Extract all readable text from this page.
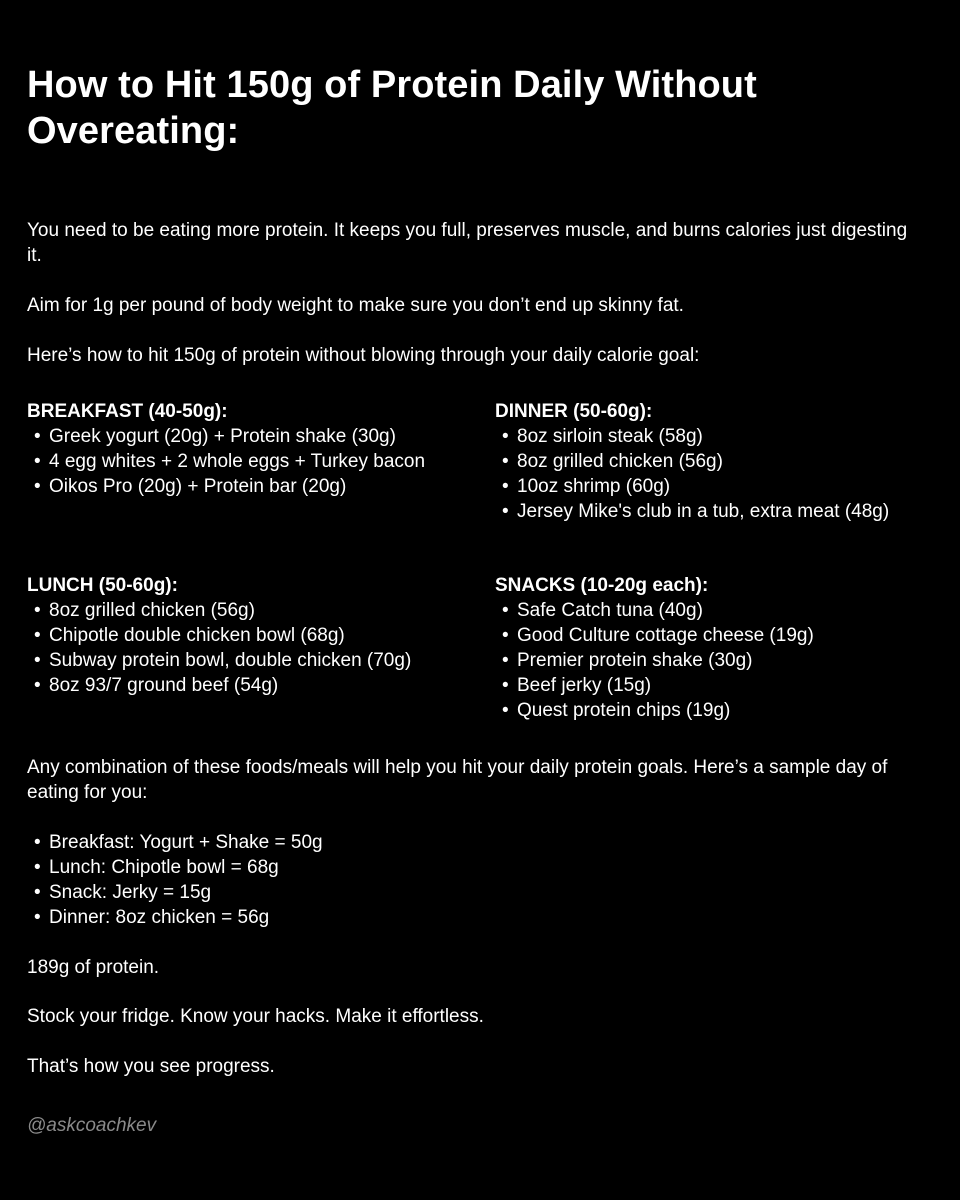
How to Hit 150g of Protein Daily Without Overeating:

You need to be eating more protein. It keeps you full, preserves muscle, and burns calories just digesting it.

Aim for 1g per pound of body weight to make sure you don’t end up skinny fat.

Here’s how to hit 150g of protein without blowing through your daily calorie goal:

BREAKFAST (40-50g):
• Greek yogurt (20g) + Protein shake (30g)
• 4 egg whites + 2 whole eggs + Turkey bacon
• Oikos Pro (20g) + Protein bar (20g)
DINNER (50-60g):
• 8oz sirloin steak (58g)
• 8oz grilled chicken (56g)
• 10oz shrimp (60g)
• Jersey Mike's club in a tub, extra meat (48g)
LUNCH (50-60g):
• 8oz grilled chicken (56g)
• Chipotle double chicken bowl (68g)
• Subway protein bowl, double chicken (70g)
• 8oz 93/7 ground beef (54g)
SNACKS (10-20g each):
• Safe Catch tuna (40g)
• Good Culture cottage cheese (19g)
• Premier protein shake (30g)
• Beef jerky (15g)
• Quest protein chips (19g)

Any combination of these foods/meals will help you hit your daily protein goals. Here’s a sample day of eating for you:

• Breakfast: Yogurt + Shake = 50g
• Lunch: Chipotle bowl = 68g
• Snack: Jerky = 15g
• Dinner: 8oz chicken = 56g

189g of protein.

Stock your fridge. Know your hacks. Make it effortless.

That’s how you see progress.

@askcoachkev
